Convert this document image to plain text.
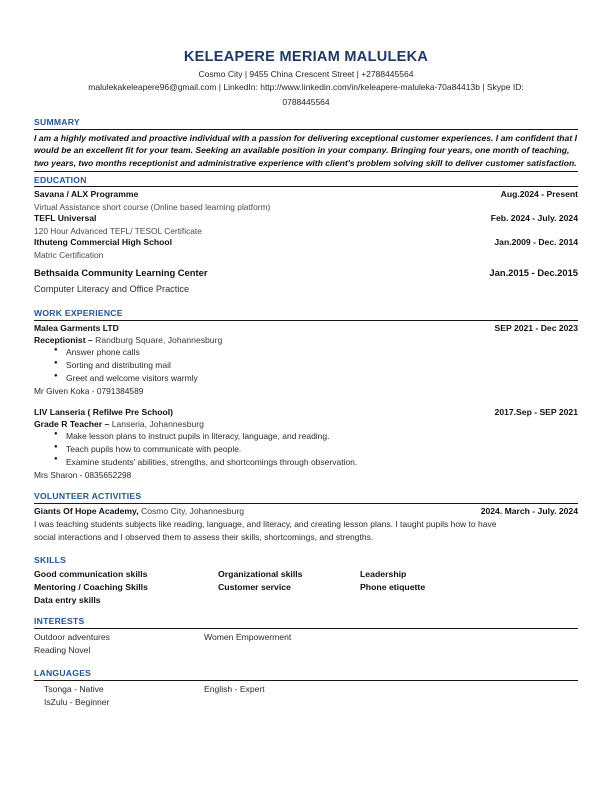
KELEAPERE MERIAM MALULEKA
Cosmo City | 9455 China Crescent Street | +2788445564
malulekakeleapere96@gmail.com | LinkedIn: http://www.linkedin.com/in/keleapere-maluleka-70a84413b | Skype ID:
0788445564
SUMMARY
I am a highly motivated and proactive individual with a passion for delivering exceptional customer experiences. I am confident that I would be an excellent fit for your team. Seeking an available position in your company. Bringing four years, one month of teaching, two years, two months receptionist and administrative experience with client's problem solving skill to deliver customer satisfaction.
EDUCATION
Savana / ALX Programme	Aug.2024 - Present
Virtual Assistance short course (Online based learning platform)
TEFL Universal	Feb. 2024 - July. 2024
120 Hour Advanced TEFL/ TESOL Certificate
Ithuteng Commercial High School	Jan.2009 - Dec. 2014
Matric Certification
Bethsaida Community Learning Center	Jan.2015 - Dec.2015
Computer Literacy and Office Practice
WORK EXPERIENCE
Malea Garments LTD	SEP 2021 - Dec 2023
Receptionist – Randburg Square, Johannesburg
● Answer phone calls
● Sorting and distributing mail
● Greet and welcome visitors warmly
Mr Given Koka - 0791384589
LIV Lanseria ( Refilwe Pre School)	2017.Sep - SEP 2021
Grade R Teacher – Lanseria, Johannesburg
● Make lesson plans to instruct pupils in literacy, language, and reading.
● Teach pupils how to communicate with people.
● Examine students' abilities, strengths, and shortcomings through observation.
Mrs Sharon - 0835652298
VOLUNTEER ACTIVITIES
Giants Of Hope Academy, Cosmo City, Johannesburg	2024. March - July. 2024
I was teaching students subjects like reading, language, and literacy, and creating lesson plans. I taught pupils how to have
social interactions and I observed them to assess their skills, shortcomings, and strengths.
SKILLS
Good communication skills	Organizational skills	Leadership
Mentoring / Coaching Skills	Customer service	Phone etiquette
Data entry skills
INTERESTS
Outdoor adventures	Women Empowerment
Reading Novel
LANGUAGES
Tsonga - Native	English - Expert
IsZulu - Beginner
